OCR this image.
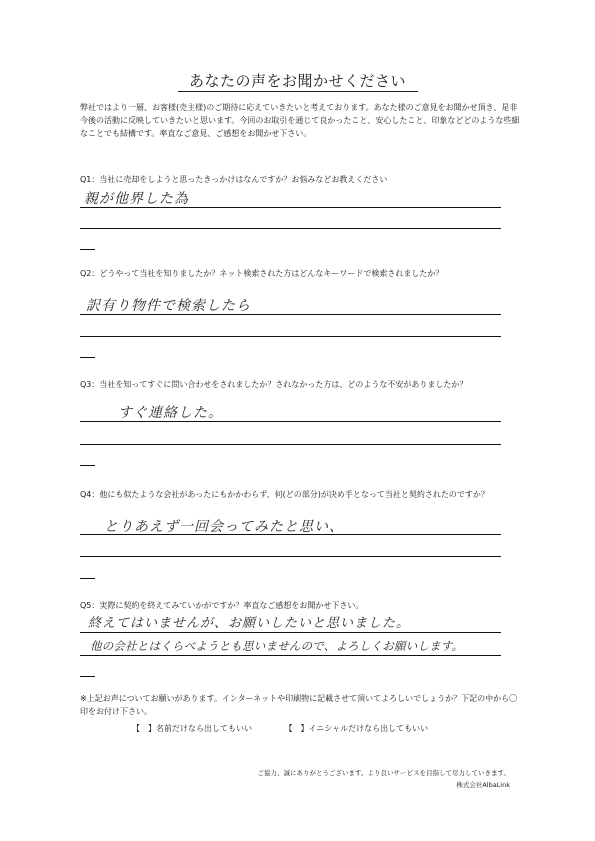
あなたの声をお聞かせください
弊社ではより一層、お客様(売主様)のご期待に応えていきたいと考えております。あなた様のご意見をお聞かせ頂き、是非今後の活動に反映していきたいと思います。今回のお取引を通じて良かったこと、安心したこと、印象などどのような些細なことでも結構です。率直なご意見、ご感想をお聞かせ下さい。
Q1：当社に売却をしようと思ったきっかけはなんですか？お悩みなどお教えください
親が他界した為
Q2：どうやって当社を知りましたか？ネット検索された方はどんなキーワードで検索されましたか？
訳有り物件で検索したら
Q3：当社を知ってすぐに問い合わせをされましたか？されなかった方は、どのような不安がありましたか？
すぐ連絡した。
Q4：他にも似たような会社があったにもかかわらず、何(どの部分)が決め手となって当社と契約されたのですか？
とりあえず一回会ってみたと思い、
Q5：実際に契約を終えてみていかがですか？率直なご感想をお聞かせ下さい。
終えてはいませんが、お願いしたいと思いました。
他の会社とはくらべようとも思いませんので、よろしくお願いします。
※上記お声についてお願いがあります。インターネットや印刷物に記載させて頂いてよろしいでしょうか？下記の中から〇印をお付け下さい。
【　】名前だけなら出してもいい	【　】イニシャルだけなら出してもいい
ご協力、誠にありがとうございます。より良いサービスを目指して尽力していきます。
株式会社AlbaLink
